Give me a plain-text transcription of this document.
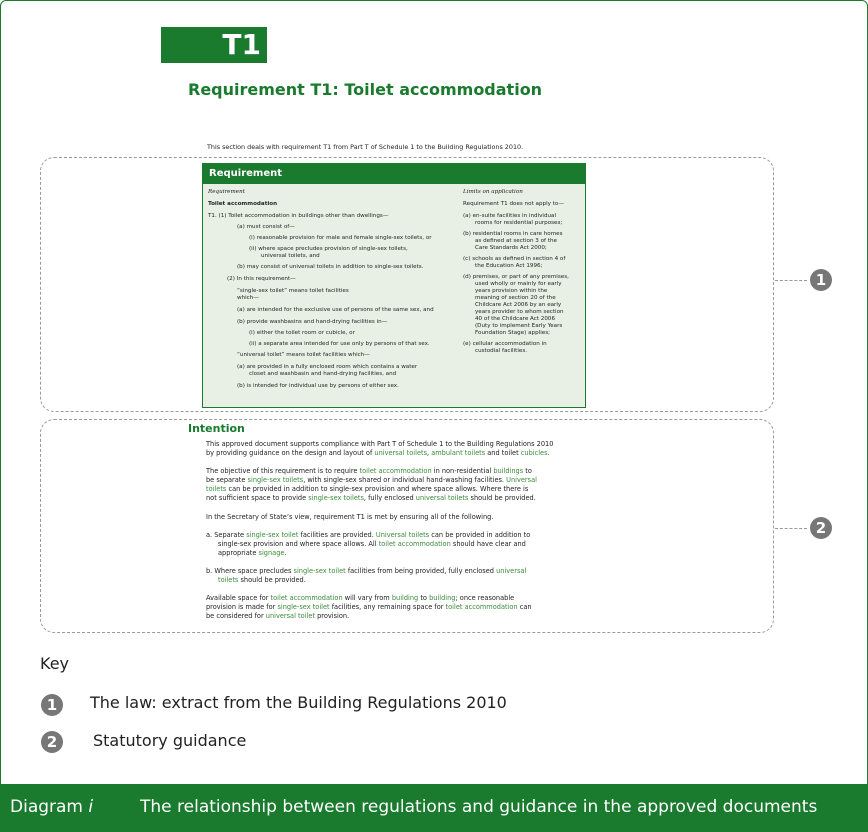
T1
Requirement T1: Toilet accommodation
This section deals with requirement T1 from Part T of Schedule 1 to the Building Regulations 2010.
1
Requirement
Requirement	Limits on application
Toilet accommodation
T1. (1) Toilet accommodation in buildings other than dwellings—
(a) must consist of—
(i) reasonable provision for male and female single-sex toilets, or
(ii) where space precludes provision of single-sex toilets,
universal toilets, and
(b) may consist of universal toilets in addition to single-sex toilets.
(2) In this requirement—
“single-sex toilet” means toilet facilities
which—
(a) are intended for the exclusive use of persons of the same sex, and
(b) provide washbasins and hand-drying facilities in—
(i) either the toilet room or cubicle, or
(ii) a separate area intended for use only by persons of that sex.
“universal toilet” means toilet facilities which—
(a) are provided in a fully enclosed room which contains a water
closet and washbasin and hand-drying facilities, and
(b) is intended for individual use by persons of either sex.
Requirement T1 does not apply to—
(a) en-suite facilities in individual
rooms for residential purposes;
(b) residential rooms in care homes
as defined at section 3 of the
Care Standards Act 2000;
(c) schools as defined in section 4 of
the Education Act 1996;
(d) premises, or part of any premises,
used wholly or mainly for early
years provision within the
meaning of section 20 of the
Childcare Act 2006 by an early
years provider to whom section
40 of the Childcare Act 2006
(Duty to implement Early Years
Foundation Stage) applies;
(e) cellular accommodation in
custodial facilities.
2
Intention
This approved document supports compliance with Part T of Schedule 1 to the Building Regulations 2010
by providing guidance on the design and layout of universal toilets, ambulant toilets and toilet cubicles.
The objective of this requirement is to require toilet accommodation in non-residential buildings to
be separate single-sex toilets, with single-sex shared or individual hand-washing facilities. Universal
toilets can be provided in addition to single-sex provision and where space allows. Where there is
not sufficient space to provide single-sex toilets, fully enclosed universal toilets should be provided.
In the Secretary of State’s view, requirement T1 is met by ensuring all of the following.
a. Separate single-sex toilet facilities are provided. Universal toilets can be provided in addition to
single-sex provision and where space allows. All toilet accommodation should have clear and
appropriate signage.
b. Where space precludes single-sex toilet facilities from being provided, fully enclosed universal
toilets should be provided.
Available space for toilet accommodation will vary from building to building; once reasonable
provision is made for single-sex toilet facilities, any remaining space for toilet accommodation can
be considered for universal toilet provision.
Key
1	The law: extract from the Building Regulations 2010
2	Statutory guidance
Diagram i	The relationship between regulations and guidance in the approved documents
